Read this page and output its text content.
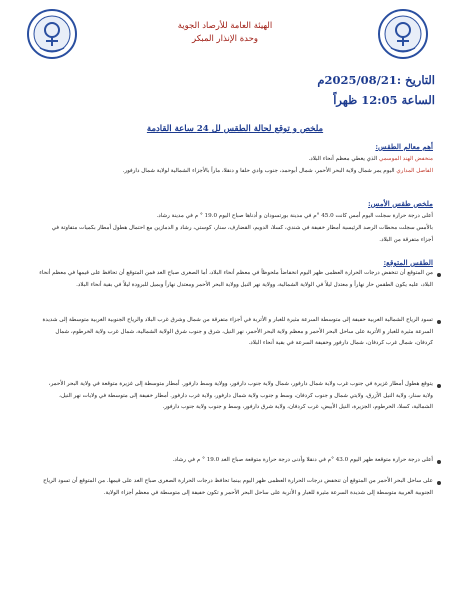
الهيئة العامة للأرصاد الجوية
وحدة الإنذار المبكر
التاريخ :2025/08/21م
الساعة 12:05 ظهراً
ملخص و توقع لحالة الطقس لل 24 ساعة القادمة
أهم معالم الطقس:
منخفض الهند الموسمي الذي يغطي معظم أنحاء البلاد.
الفاصل المداري اليوم يمر شمال ولاية البحر الأحمر، شمال أبوحمد، جنوب وادي حلفا و دنقلا، ماراً بالأجزاء الشمالية لولاية شمال دارفور.
ملخص طقس الأمس:
أعلى درجة حرارة سجلت اليوم أمس كانت 45.0 °م في مدينة بورتسودان و أدناها صباح اليوم 19.0 ° م في مدينة رشاد.
بالأمس سجلت محطات الرصد الرئيسية أمطار خفيفة في شندي، كسلا، الدويم، القضارف، سنار، كوستي، رشاد و الدمازين مع احتمال هطول أمطار بكميات متفاوتة في أجزاء متفرقة من البلاد.
الطقس المتوقع:
من المتوقع أن تنخفض درجات الحرارة العظمى ظهر اليوم انخفاضاً ملحوظاً في معظم أنحاء البلاد، أما الصغرى صباح الغد فمن المتوقع أن تحافظ على قيمها في معظم أنحاء البلاد، عليه يكون الطقس حار نهاراً و معتدل ليلاً في الولاية الشمالية، وولاية نهر النيل وولاية البحر الأحمر ومعتدل نهاراً وبميل للبرودة ليلاً في بقية أنحاء البلاد.
تسود الرياح الشمالية الغربية خفيفة إلى متوسطة السرعة مثيرة للغبار و الأتربة في أجزاء متفرقة من شمال وشرق غرب البلاد والرياح الجنوبية الغربية متوسطة إلى شديدة السرعة مثيرة للغبار و الأتربة على ساحل البحر الأحمر و معظم ولاية البحر الأحمر، نهر النيل، شرق و جنوب شرق الولاية الشمالية، شمال غرب ولاية الخرطوم، شمال كردفان، شمال غرب كردفان، شمال دارفور وخفيفة السرعة في بقية أنحاء البلاد.
يتوقع هطول أمطار غزيرة في جنوب غرب ولاية شمال دارفور، شمال ولاية جنوب دارفور، وولاية وسط دارفور. أمطار متوسطة إلى غزيرة متوقعة في ولاية البحر الأحمر، ولاية سنار، ولاية النيل الأزرق، ولايتي شمال و جنوب كردفان، وسط و جنوب ولاية شمال دارفور، ولاية غرب دارفور. أمطار خفيفة إلى متوسطة في ولايات نهر النيل، الشمالية، كسلا، الخرطوم، الجزيرة، النيل الأبيض، غرب كردفان، ولاية شرق دارفور، وسط و جنوب ولاية جنوب دارفور.
أعلى درجة حرارة متوقعة ظهر اليوم 43.0 °م في دنقلا وأدنى درجة حرارة متوقعة صباح الغد 19.0 ° م في رشاد.
على ساحل البحر الأحمر من المتوقع أن تنخفض درجات الحرارة العظمى ظهر اليوم بينما تحافظ درجات الحرارة الصغرى صباح الغد على قيمها. من المتوقع أن تسود الرياح الجنوبية الغربية متوسطة إلى شديدة السرعة مثيرة للغبار و الأتربة على ساحل البحر الأحمر و تكون خفيفة إلى متوسطة في معظم أجزاء الولاية.
